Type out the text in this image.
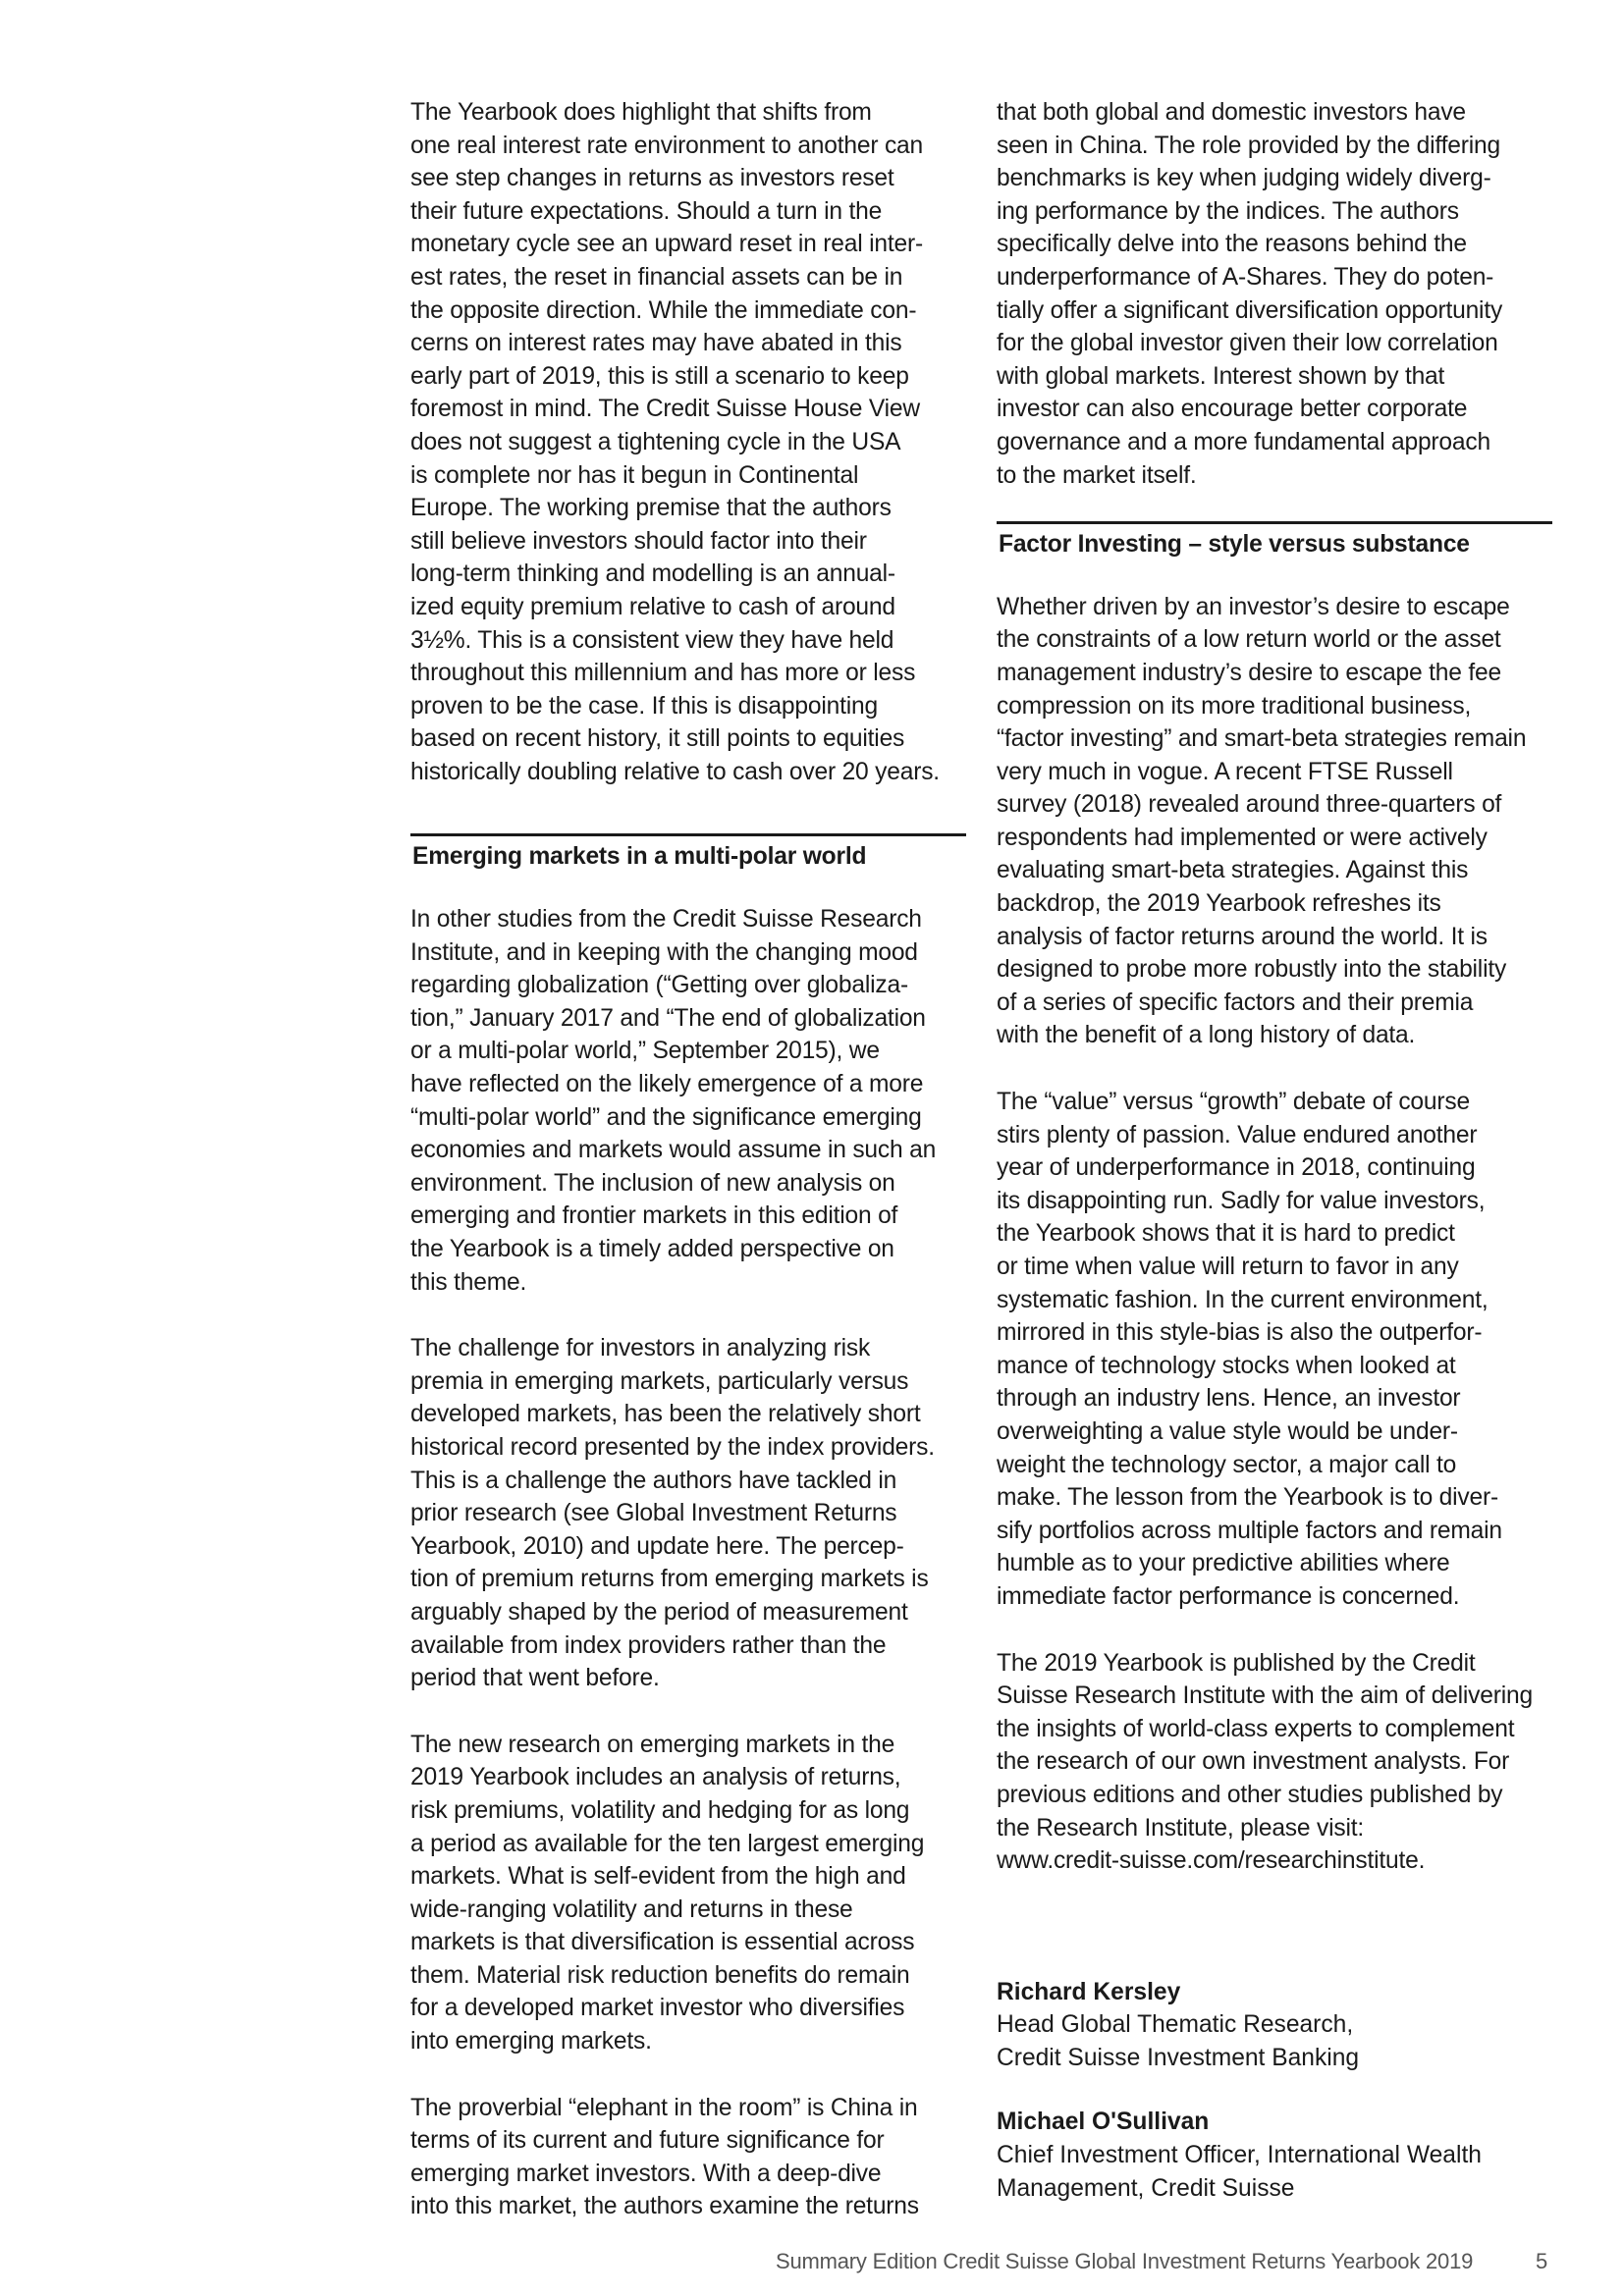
The Yearbook does highlight that shifts from
one real interest rate environment to another can
see step changes in returns as investors reset
their future expectations. Should a turn in the
monetary cycle see an upward reset in real inter-
est rates, the reset in financial assets can be in
the opposite direction. While the immediate con-
cerns on interest rates may have abated in this
early part of 2019, this is still a scenario to keep
foremost in mind. The Credit Suisse House View
does not suggest a tightening cycle in the USA
is complete nor has it begun in Continental
Europe. The working premise that the authors
still believe investors should factor into their
long-term thinking and modelling is an annual-
ized equity premium relative to cash of around
3½%. This is a consistent view they have held
throughout this millennium and has more or less
proven to be the case. If this is disappointing
based on recent history, it still points to equities
historically doubling relative to cash over 20 years.

Emerging markets in a multi-polar world

In other studies from the Credit Suisse Research
Institute, and in keeping with the changing mood
regarding globalization (“Getting over globaliza-
tion,” January 2017 and “The end of globalization
or a multi-polar world,” September 2015), we
have reflected on the likely emergence of a more
“multi-polar world” and the significance emerging
economies and markets would assume in such an
environment. The inclusion of new analysis on
emerging and frontier markets in this edition of
the Yearbook is a timely added perspective on
this theme.

The challenge for investors in analyzing risk
premia in emerging markets, particularly versus
developed markets, has been the relatively short
historical record presented by the index providers.
This is a challenge the authors have tackled in
prior research (see Global Investment Returns
Yearbook, 2010) and update here. The percep-
tion of premium returns from emerging markets is
arguably shaped by the period of measurement
available from index providers rather than the
period that went before.

The new research on emerging markets in the
2019 Yearbook includes an analysis of returns,
risk premiums, volatility and hedging for as long
a period as available for the ten largest emerging
markets. What is self-evident from the high and
wide-ranging volatility and returns in these
markets is that diversification is essential across
them. Material risk reduction benefits do remain
for a developed market investor who diversifies
into emerging markets.

The proverbial “elephant in the room” is China in
terms of its current and future significance for
emerging market investors. With a deep-dive
into this market, the authors examine the returns

that both global and domestic investors have
seen in China. The role provided by the differing
benchmarks is key when judging widely diverg-
ing performance by the indices. The authors
specifically delve into the reasons behind the
underperformance of A-Shares. They do poten-
tially offer a significant diversification opportunity
for the global investor given their low correlation
with global markets. Interest shown by that
investor can also encourage better corporate
governance and a more fundamental approach
to the market itself.

Factor Investing – style versus substance

Whether driven by an investor’s desire to escape
the constraints of a low return world or the asset
management industry’s desire to escape the fee
compression on its more traditional business,
“factor investing” and smart-beta strategies remain
very much in vogue. A recent FTSE Russell
survey (2018) revealed around three-quarters of
respondents had implemented or were actively
evaluating smart-beta strategies. Against this
backdrop, the 2019 Yearbook refreshes its
analysis of factor returns around the world. It is
designed to probe more robustly into the stability
of a series of specific factors and their premia
with the benefit of a long history of data.

The “value” versus “growth” debate of course
stirs plenty of passion. Value endured another
year of underperformance in 2018, continuing
its disappointing run. Sadly for value investors,
the Yearbook shows that it is hard to predict
or time when value will return to favor in any
systematic fashion. In the current environment,
mirrored in this style-bias is also the outperfor-
mance of technology stocks when looked at
through an industry lens. Hence, an investor
overweighting a value style would be under-
weight the technology sector, a major call to
make. The lesson from the Yearbook is to diver-
sify portfolios across multiple factors and remain
humble as to your predictive abilities where
immediate factor performance is concerned.

The 2019 Yearbook is published by the Credit
Suisse Research Institute with the aim of delivering
the insights of world-class experts to complement
the research of our own investment analysts. For
previous editions and other studies published by
the Research Institute, please visit:
www.credit-suisse.com/researchinstitute.

Richard Kersley

Head Global Thematic Research,
Credit Suisse Investment Banking

Michael O'Sullivan

Chief Investment Officer, International Wealth
Management, Credit Suisse

Summary Edition Credit Suisse Global Investment Returns Yearbook 2019	5
